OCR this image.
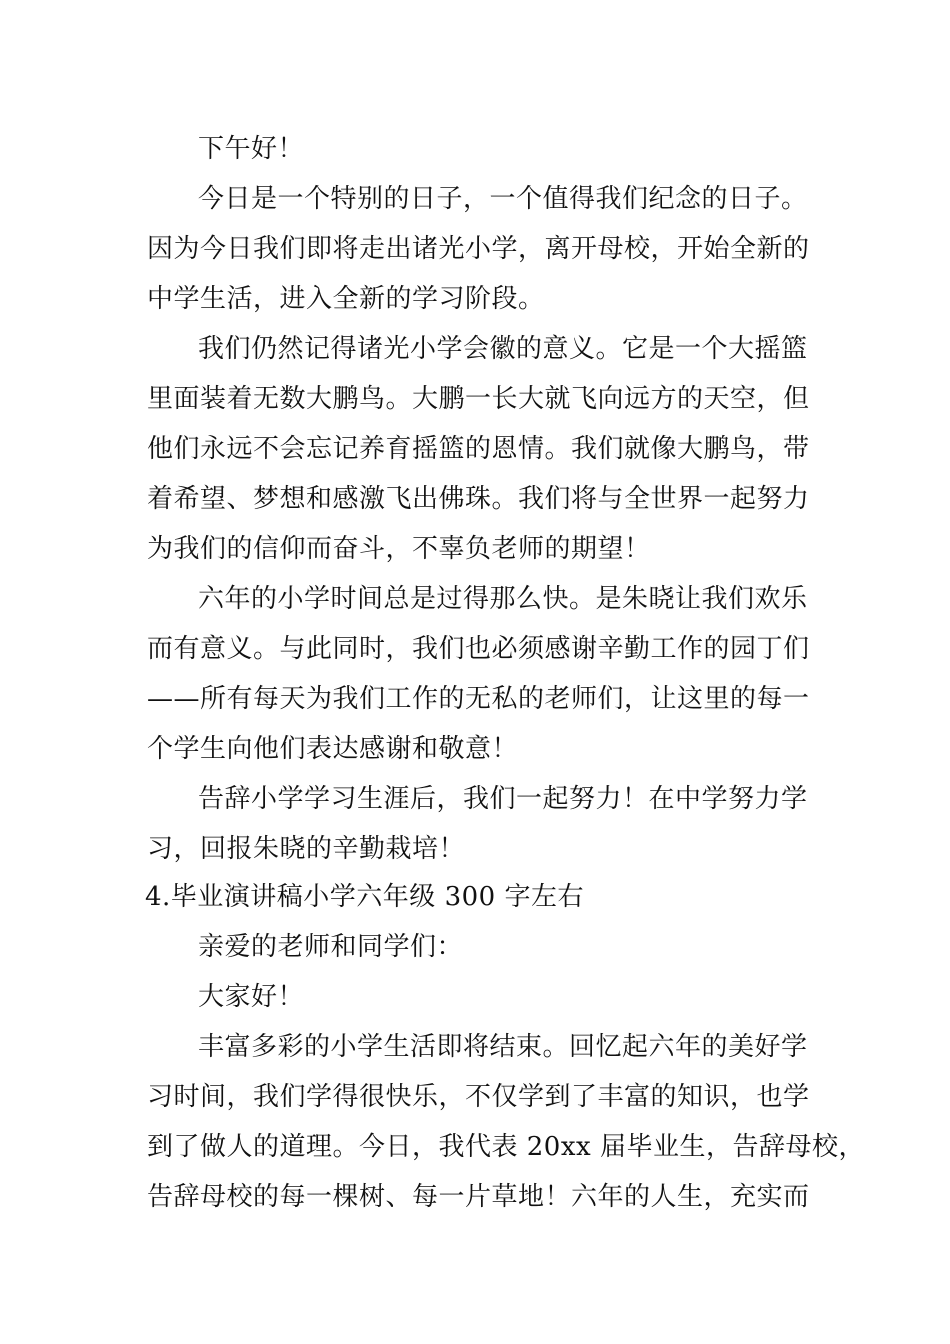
下午好！

今日是一个特别的日子，一个值得我们纪念的日子。

因为今日我们即将走出诸光小学，离开母校，开始全新的

中学生活，进入全新的学习阶段。

我们仍然记得诸光小学会徽的意义。它是一个大摇篮

里面装着无数大鹏鸟。大鹏一长大就飞向远方的天空，但

他们永远不会忘记养育摇篮的恩情。我们就像大鹏鸟，带

着希望、梦想和感激飞出佛珠。我们将与全世界一起努力

为我们的信仰而奋斗，不辜负老师的期望！

六年的小学时间总是过得那么快。是朱晓让我们欢乐

而有意义。与此同时，我们也必须感谢辛勤工作的园丁们

——所有每天为我们工作的无私的老师们，让这里的每一

个学生向他们表达感谢和敬意！

告辞小学学习生涯后，我们一起努力！在中学努力学

习，回报朱晓的辛勤栽培！

4.毕业演讲稿小学六年级 300 字左右

亲爱的老师和同学们：

大家好！

丰富多彩的小学生活即将结束。回忆起六年的美好学

习时间，我们学得很快乐，不仅学到了丰富的知识，也学

到了做人的道理。今日，我代表 20xx 届毕业生，告辞母校，

告辞母校的每一棵树、每一片草地！六年的人生，充实而
